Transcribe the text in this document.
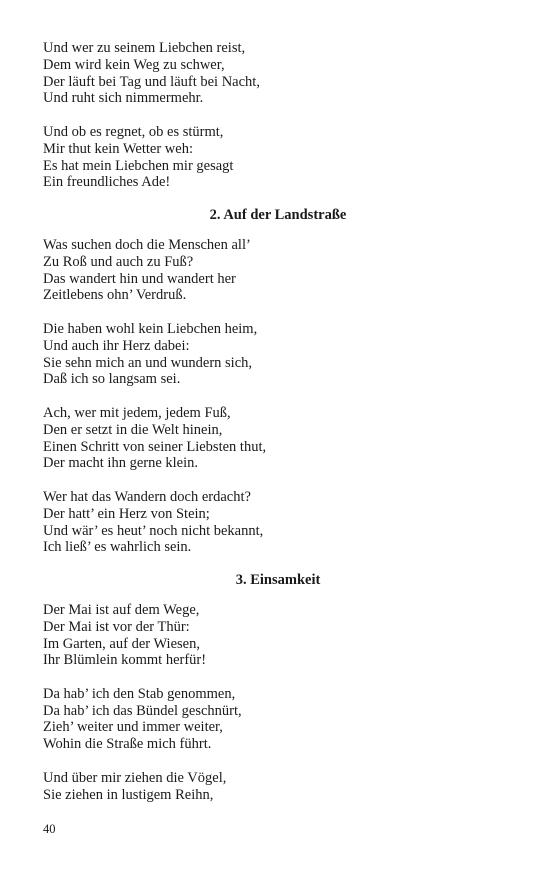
Und wer zu seinem Liebchen reist,
Dem wird kein Weg zu schwer,
Der läuft bei Tag und läuft bei Nacht,
Und ruht sich nimmermehr.
Und ob es regnet, ob es stürmt,
Mir thut kein Wetter weh:
Es hat mein Liebchen mir gesagt
Ein freundliches Ade!
2. Auf der Landstraße
Was suchen doch die Menschen all’
Zu Roß und auch zu Fuß?
Das wandert hin und wandert her
Zeitlebens ohn’ Verdruß.
Die haben wohl kein Liebchen heim,
Und auch ihr Herz dabei:
Sie sehn mich an und wundern sich,
Daß ich so langsam sei.
Ach, wer mit jedem, jedem Fuß,
Den er setzt in die Welt hinein,
Einen Schritt von seiner Liebsten thut,
Der macht ihn gerne klein.
Wer hat das Wandern doch erdacht?
Der hatt’ ein Herz von Stein;
Und wär’ es heut’ noch nicht bekannt,
Ich ließ’ es wahrlich sein.
3. Einsamkeit
Der Mai ist auf dem Wege,
Der Mai ist vor der Thür:
Im Garten, auf der Wiesen,
Ihr Blümlein kommt herfür!
Da hab’ ich den Stab genommen,
Da hab’ ich das Bündel geschnürt,
Zieh’ weiter und immer weiter,
Wohin die Straße mich führt.
Und über mir ziehen die Vögel,
Sie ziehen in lustigem Reihn,
40
